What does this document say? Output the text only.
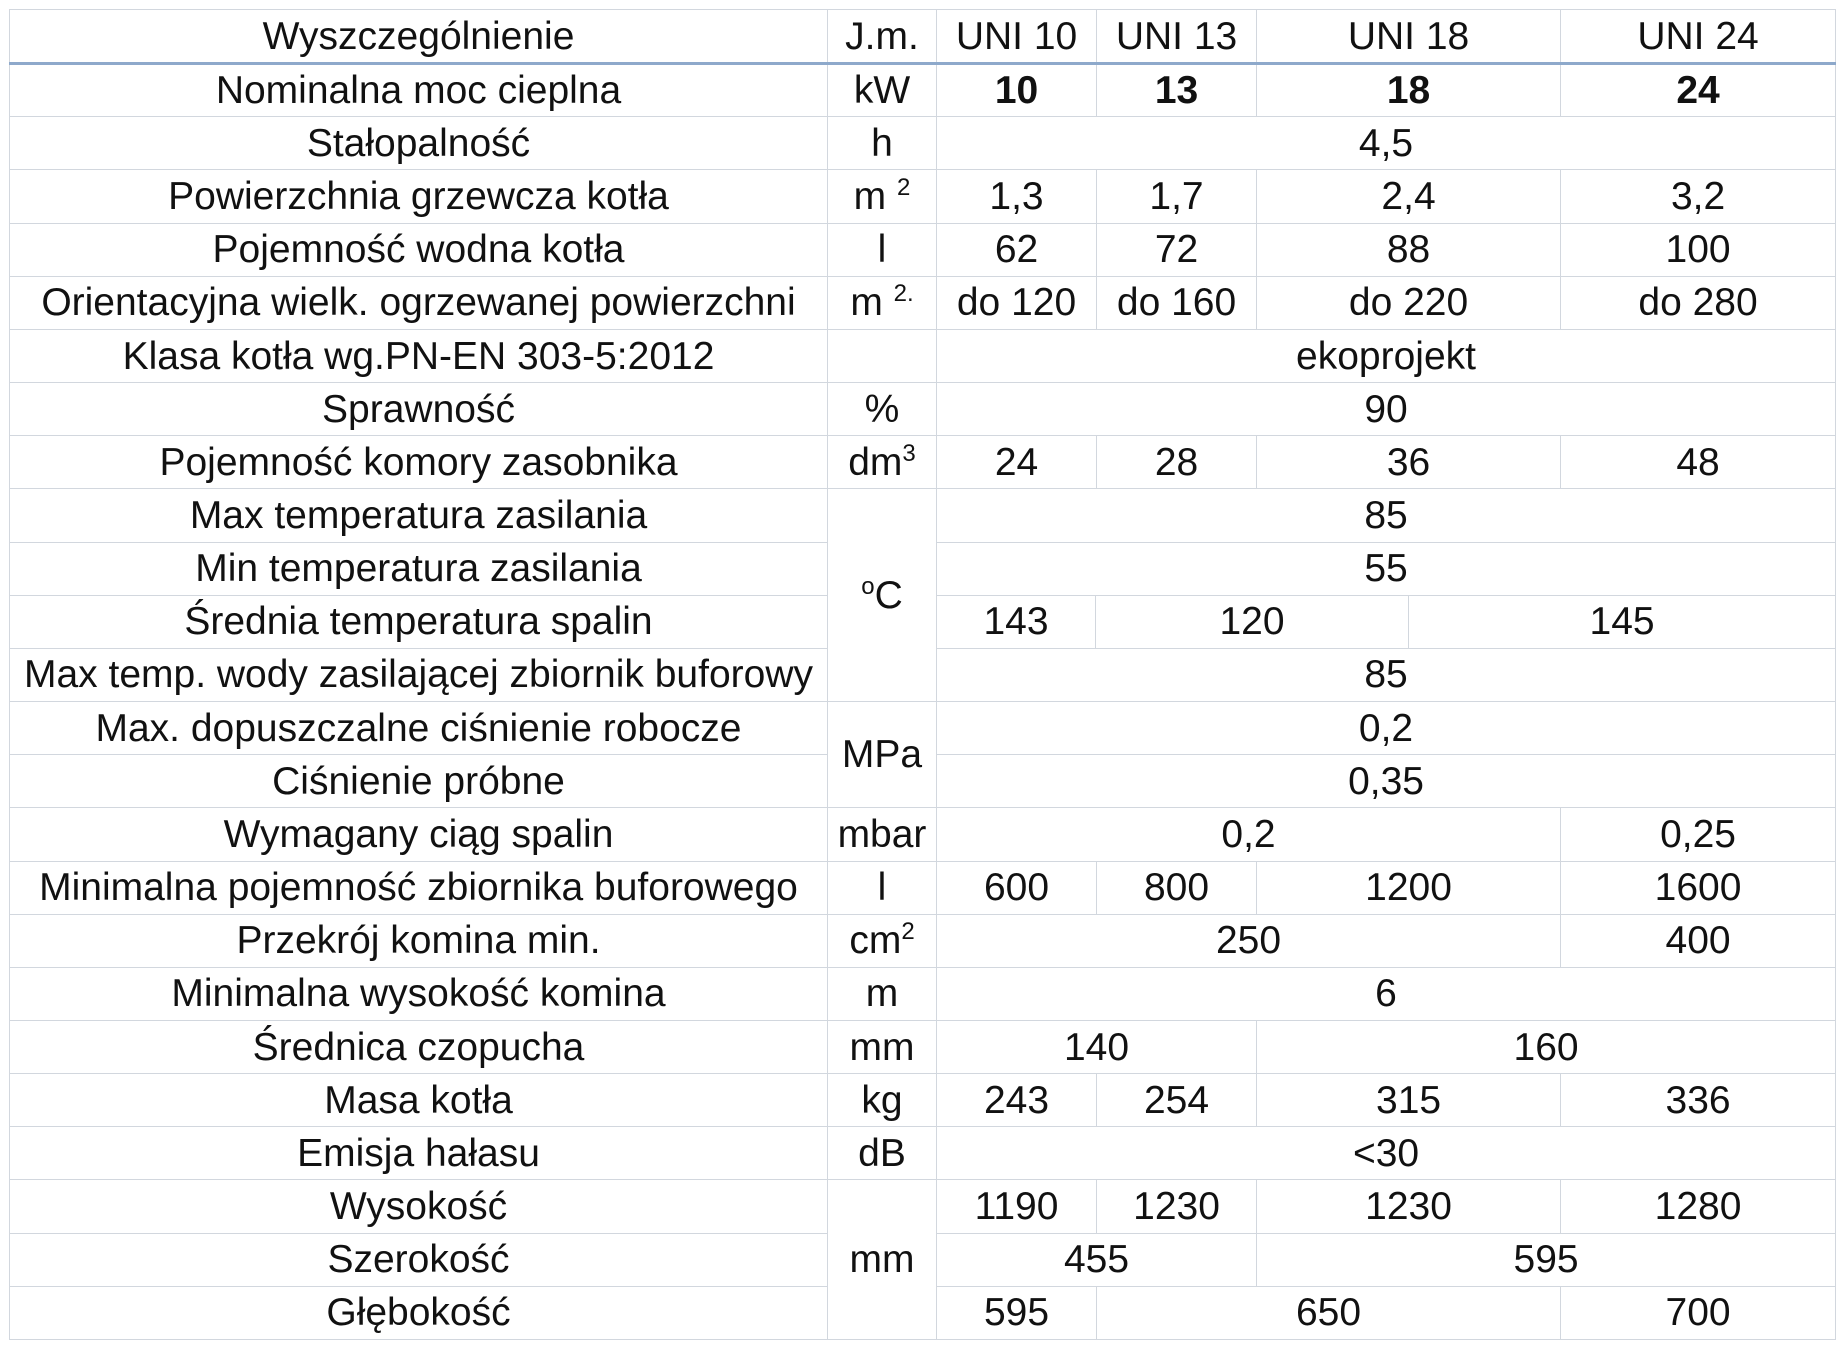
Wyszczególnienie	J.m.	UNI 10	UNI 13	UNI 18		UNI 24
Nominalna moc cieplna	kW	10	13	18		24
Stałopalność	h	4,5				
Powierzchnia grzewcza kotła	m $^2$	1,3	1,7	2,4		3,2
Pojemność wodna kotła	l	62	72	88		100
Orientacyjna wielk. ogrzewanej powierzchni	m $^{2.}$	do 120	do 160	do 220		do 280
Klasa kotła wg.PN-EN 303-5:2012		ekoprojekt				
Sprawność	%	90				
Pojemność komory zasobnika	$dm^3$	24	28	36		48
Max temperatura zasilania	$^o$C	85				
Min temperatura zasilania		55				
Średnia temperatura spalin		143	120		145	
Max temp. wody zasilającej zbiornik buforowy		85				
Max. dopuszczalne ciśnienie robocze	MPa	0,2				
Ciśnienie próbne		0,35				
Wymagany ciąg spalin	mbar	0,2				0,25
Minimalna pojemność zbiornika buforowego	l	600	800	1200		1600
Przekrój komina min.	$cm^2$	250				400
Minimalna wysokość komina	m	6				
Średnica czopucha	mm	140		160		
Masa kotła	kg	243	254	315		336
Emisja hałasu	dB	<30				
Wysokość	mm	1190	1230	1230		1280
Szerokość		455		595		
Głębokość		595	650			700
